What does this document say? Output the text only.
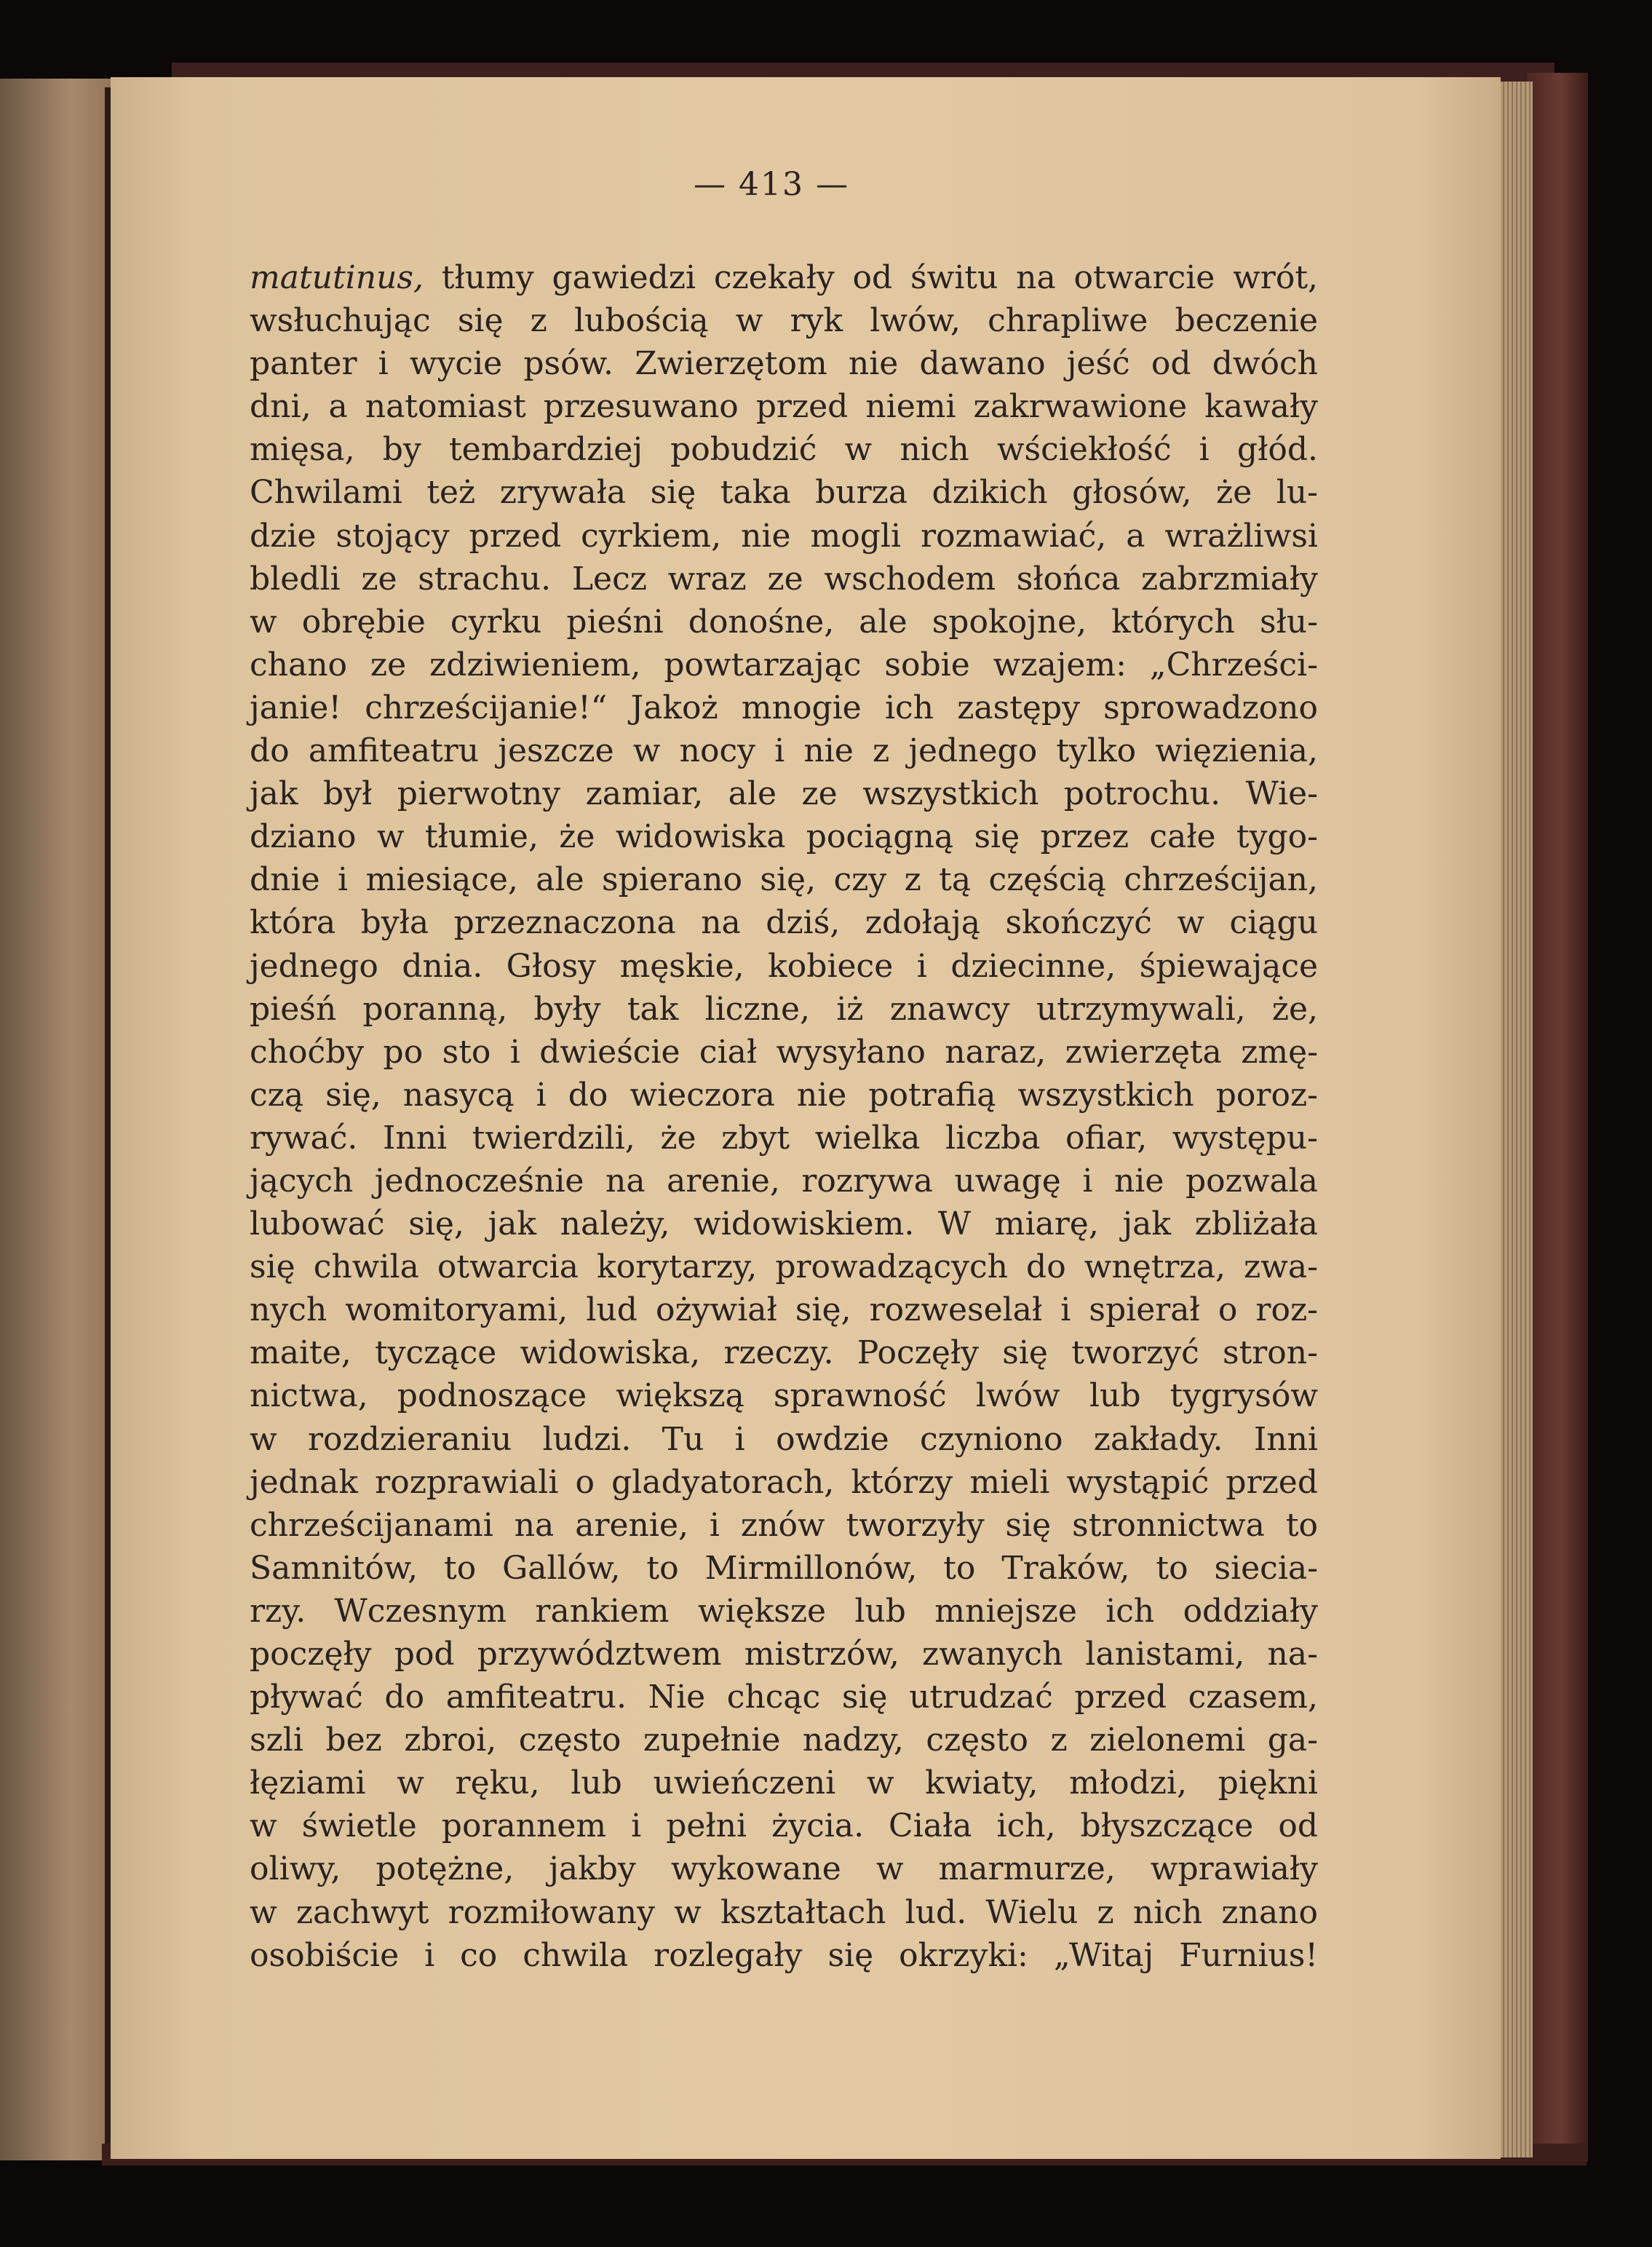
— 413 —
matutinus, tłumy gawiedzi czekały od świtu na otwarcie wrót,
wsłuchując się z lubością w ryk lwów, chrapliwe beczenie
panter i wycie psów. Zwierzętom nie dawano jeść od dwóch
dni, a natomiast przesuwano przed niemi zakrwawione kawały
mięsa, by tembardziej pobudzić w nich wściekłość i głód.
Chwilami też zrywała się taka burza dzikich głosów, że lu-
dzie stojący przed cyrkiem, nie mogli rozmawiać, a wrażliwsi
bledli ze strachu. Lecz wraz ze wschodem słońca zabrzmiały
w obrębie cyrku pieśni donośne, ale spokojne, których słu-
chano ze zdziwieniem, powtarzając sobie wzajem: „Chrześci-
janie! chrześcijanie!“ Jakoż mnogie ich zastępy sprowadzono
do amfiteatru jeszcze w nocy i nie z jednego tylko więzienia,
jak był pierwotny zamiar, ale ze wszystkich potrochu. Wie-
dziano w tłumie, że widowiska pociągną się przez całe tygo-
dnie i miesiące, ale spierano się, czy z tą częścią chrześcijan,
która była przeznaczona na dziś, zdołają skończyć w ciągu
jednego dnia. Głosy męskie, kobiece i dziecinne, śpiewające
pieśń poranną, były tak liczne, iż znawcy utrzymywali, że,
choćby po sto i dwieście ciał wysyłano naraz, zwierzęta zmę-
czą się, nasycą i do wieczora nie potrafią wszystkich poroz-
rywać. Inni twierdzili, że zbyt wielka liczba ofiar, występu-
jących jednocześnie na arenie, rozrywa uwagę i nie pozwala
lubować się, jak należy, widowiskiem. W miarę, jak zbliżała
się chwila otwarcia korytarzy, prowadzących do wnętrza, zwa-
nych womitoryami, lud ożywiał się, rozweselał i spierał o roz-
maite, tyczące widowiska, rzeczy. Poczęły się tworzyć stron-
nictwa, podnoszące większą sprawność lwów lub tygrysów
w rozdzieraniu ludzi. Tu i owdzie czyniono zakłady. Inni
jednak rozprawiali o gladyatorach, którzy mieli wystąpić przed
chrześcijanami na arenie, i znów tworzyły się stronnictwa to
Samnitów, to Gallów, to Mirmillonów, to Traków, to siecia-
rzy. Wczesnym rankiem większe lub mniejsze ich oddziały
poczęły pod przywództwem mistrzów, zwanych lanistami, na-
pływać do amfiteatru. Nie chcąc się utrudzać przed czasem,
szli bez zbroi, często zupełnie nadzy, często z zielonemi ga-
łęziami w ręku, lub uwieńczeni w kwiaty, młodzi, piękni
w świetle porannem i pełni życia. Ciała ich, błyszczące od
oliwy, potężne, jakby wykowane w marmurze, wprawiały
w zachwyt rozmiłowany w kształtach lud. Wielu z nich znano
osobiście i co chwila rozlegały się okrzyki: „Witaj Furnius!
